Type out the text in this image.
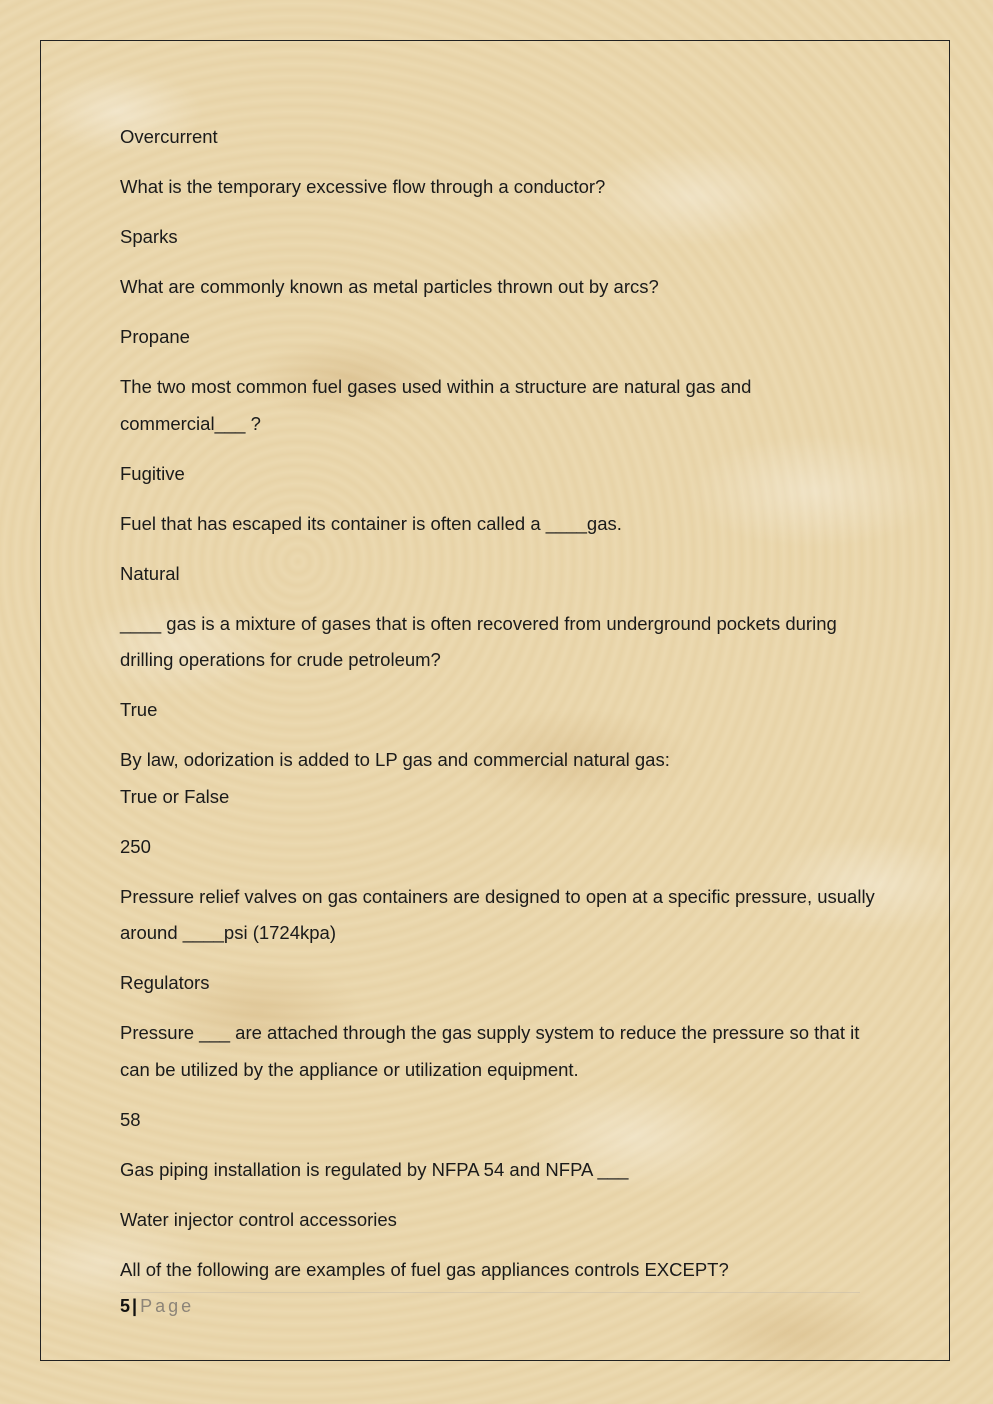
Overcurrent

What is the temporary excessive flow through a conductor?

Sparks

What are commonly known as metal particles thrown out by arcs?

Propane

The two most common fuel gases used within a structure are natural gas and commercial___ ?

Fugitive

Fuel that has escaped its container is often called a ____gas.

Natural

____ gas is a mixture of gases that is often recovered from underground pockets during drilling operations for crude petroleum?

True

By law, odorization is added to LP gas and commercial natural gas:

True or False

250

Pressure relief valves on gas containers are designed to open at a specific pressure, usually around ____psi (1724kpa)

Regulators

Pressure ___ are attached through the gas supply system to reduce the pressure so that it can be utilized by the appliance or utilization equipment.

58

Gas piping installation is regulated by NFPA 54 and NFPA ___

Water injector control accessories

All of the following are examples of fuel gas appliances controls EXCEPT?

5 | Page
